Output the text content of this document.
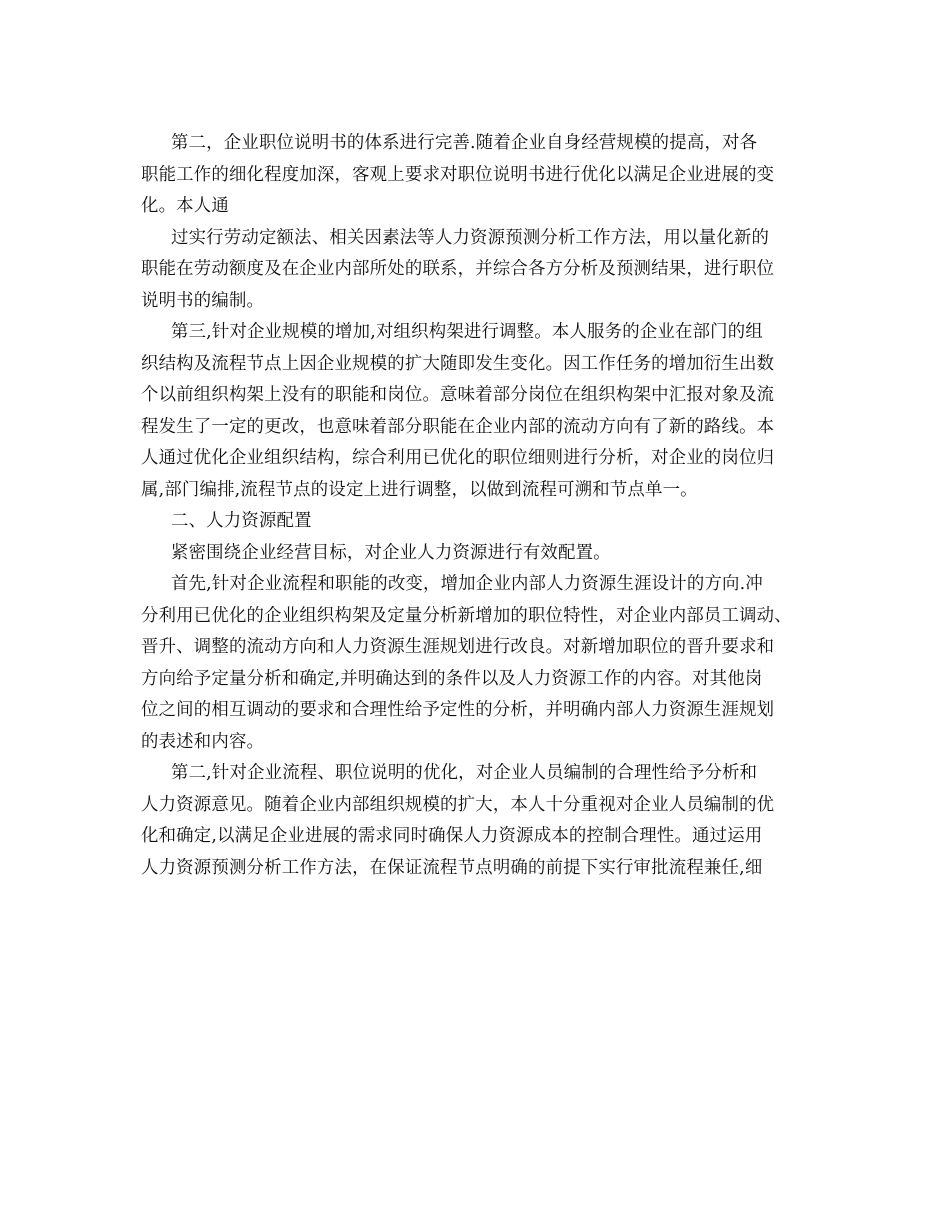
第二，企业职位说明书的体系进行完善.随着企业自身经营规模的提高，对各
职能工作的细化程度加深，客观上要求对职位说明书进行优化以满足企业进展的变
化。本人通
过实行劳动定额法、相关因素法等人力资源预测分析工作方法，用以量化新的
职能在劳动额度及在企业内部所处的联系，并综合各方分析及预测结果，进行职位
说明书的编制。
第三,针对企业规模的增加,对组织构架进行调整。本人服务的企业在部门的组
织结构及流程节点上因企业规模的扩大随即发生变化。因工作任务的增加衍生出数
个以前组织构架上没有的职能和岗位。意味着部分岗位在组织构架中汇报对象及流
程发生了一定的更改，也意味着部分职能在企业内部的流动方向有了新的路线。本
人通过优化企业组织结构，综合利用已优化的职位细则进行分析，对企业的岗位归
属,部门编排,流程节点的设定上进行调整，以做到流程可溯和节点单一。
二、人力资源配置
紧密围绕企业经营目标，对企业人力资源进行有效配置。
首先,针对企业流程和职能的改变，增加企业内部人力资源生涯设计的方向.冲
分利用已优化的企业组织构架及定量分析新增加的职位特性，对企业内部员工调动、
晋升、调整的流动方向和人力资源生涯规划进行改良。对新增加职位的晋升要求和
方向给予定量分析和确定,并明确达到的条件以及人力资源工作的内容。对其他岗
位之间的相互调动的要求和合理性给予定性的分析，并明确内部人力资源生涯规划
的表述和内容。
第二,针对企业流程、职位说明的优化，对企业人员编制的合理性给予分析和
人力资源意见。随着企业内部组织规模的扩大，本人十分重视对企业人员编制的优
化和确定,以满足企业进展的需求同时确保人力资源成本的控制合理性。通过运用
人力资源预测分析工作方法，在保证流程节点明确的前提下实行审批流程兼任,细
